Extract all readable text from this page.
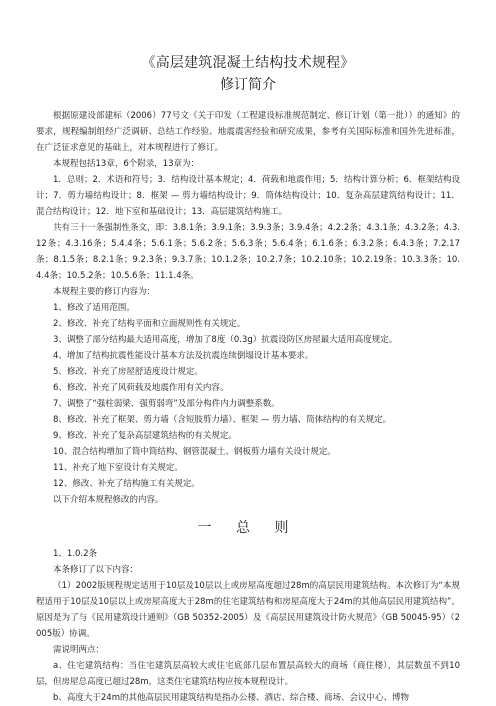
《高层建筑混凝土结构技术规程》
修订简介

根据原建设部建标（2006）77号文《关于印发（工程建设标准规范制定、修订计划（第一批））的通知》的要求，规程编制组经广泛调研、总结工作经验、地震震害经验和研究成果，参考有关国际标准和国外先进标准，在广泛征求意见的基础上，对本规程进行了修订。

本规程包括13章，6个附录，13章为：

1．总则；2．术语和符号；3．结构设计基本规定；4．荷载和地震作用；5．结构计算分析；6．框架结构设计；7．剪力墙结构设计；8．框架 — 剪力墙结构设计；9．筒体结构设计；10．复杂高层建筑结构设计；11．混合结构设计；12．地下室和基础设计；13．高层建筑结构施工。

共有三十一条强制性条文，即：3.8.1条；3.9.1条；3.9.3条；3.9.4条；4.2.2条；4.3.1条；4.3.2条；4.3.12条；4.3.16条；5.4.4条；5.6.1条；5.6.2条；5.6.3条；5.6.4条；6.1.6条；6.3.2条；6.4.3条；7.2.17条；8.1.5条；8.2.1条；9.2.3条；9.3.7条；10.1.2条；10.2.7条；10.2.10条；10.2.19条；10.3.3条；10.4.4条；10.5.2条；10.5.6条；11.1.4条。

本规程主要的修订内容为：

1、修改了适用范围。

2、修改、补充了结构平面和立面规则性有关规定。

3、调整了部分结构最大适用高度，增加了8度（0.3g）抗震设防区房屋最大适用高度规定。

4、增加了结构抗震性能设计基本方法及抗震连续倒塌设计基本要求。

5、修改、补充了房屋舒适度设计规定。

6、修改、补充了风荷载及地震作用有关内容。

7、调整了“强柱弱梁、强剪弱弯”及部分构件内力调整系数。

8、修改、补充了框架、剪力墙（含短肢剪力墙）、框架 — 剪力墙、筒体结构的有关规定。

9、修改、补充了复杂高层建筑结构的有关规定。

10、混合结构增加了筒中筒结构、钢管混凝土、钢板剪力墙有关设计规定。

11、补充了地下室设计有关规定。

12、修改、补充了结构施工有关规定。

以下介绍本规程修改的内容。

一 总 则

1、1.0.2条

本条修订了以下内容：

（1）2002版规程规定适用于10层及10层以上或房屋高度超过28m的高层民用建筑结构。本次修订为“本规程适用于10层及10层以上或房屋高度大于28m的住宅建筑结构和房屋高度大于24m的其他高层民用建筑结构”。原因是为了与《民用建筑设计通则》（GB 50352-2005）及《高层民用建筑设计防火规范》（GB 50045-95）（2005版）协调。

需说明两点：

a、住宅建筑结构：当住宅建筑层高较大或住宅底部几层布置层高较大的商场（商住楼），其层数虽不到10层，但房屋总高度已超过28m，这类住宅建筑结构应按本规程设计。

b、高度大于24m的其他高层民用建筑结构是指办公楼、酒店、综合楼、商场、会议中心、博物
